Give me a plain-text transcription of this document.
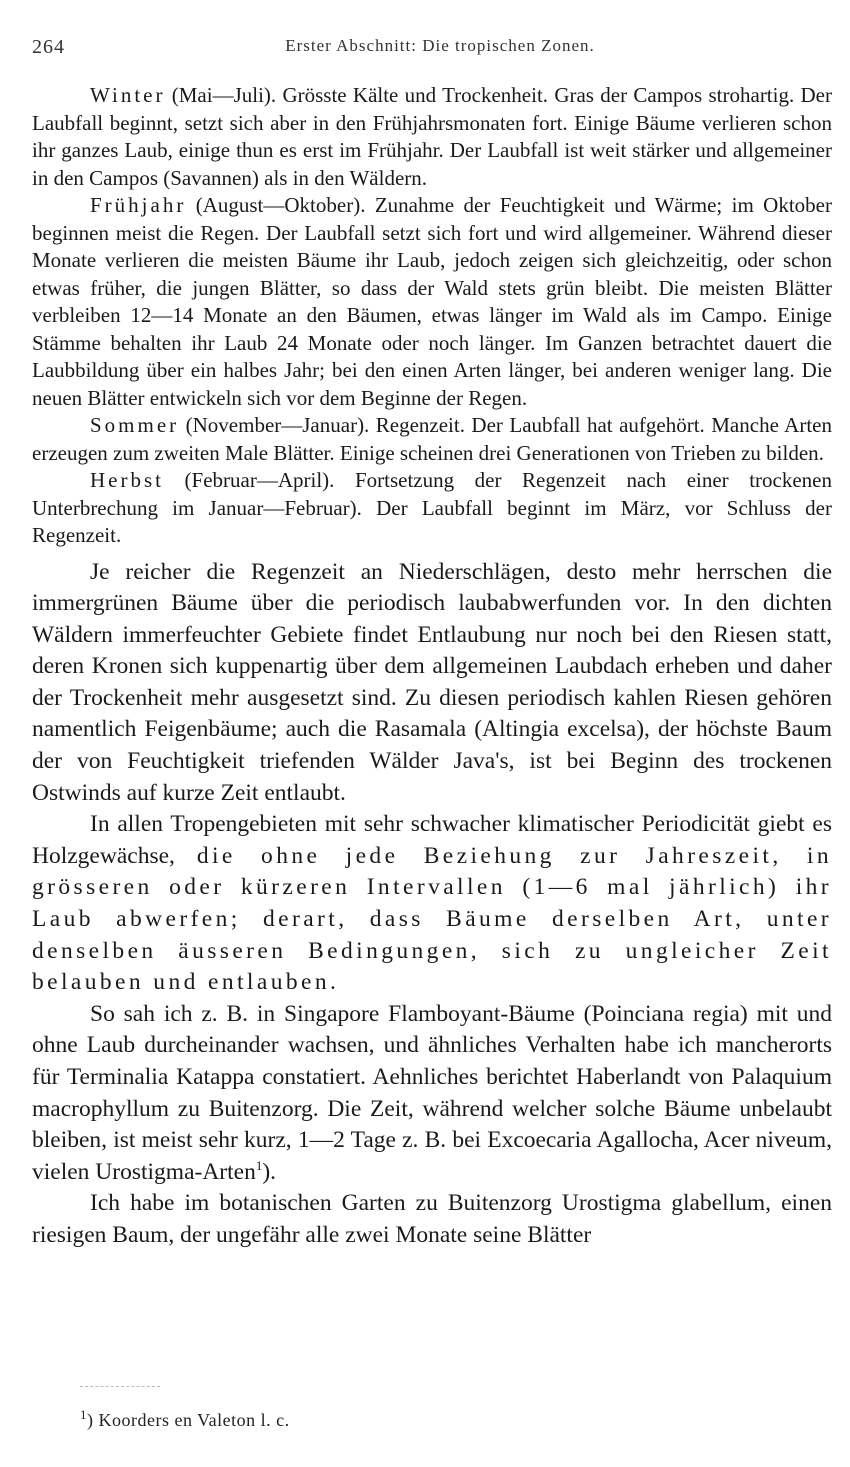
264	Erster Abschnitt: Die tropischen Zonen.

Winter (Mai—Juli). Grösste Kälte und Trockenheit. Gras der Campos strohartig. Der Laubfall beginnt, setzt sich aber in den Frühjahrsmonaten fort. Einige Bäume verlieren schon ihr ganzes Laub, einige thun es erst im Frühjahr. Der Laubfall ist weit stärker und allgemeiner in den Campos (Savannen) als in den Wäldern.

Frühjahr (August—Oktober). Zunahme der Feuchtigkeit und Wärme; im Oktober beginnen meist die Regen. Der Laubfall setzt sich fort und wird allgemeiner. Während dieser Monate verlieren die meisten Bäume ihr Laub, jedoch zeigen sich gleichzeitig, oder schon etwas früher, die jungen Blätter, so dass der Wald stets grün bleibt. Die meisten Blätter verbleiben 12—14 Monate an den Bäumen, etwas länger im Wald als im Campo. Einige Stämme behalten ihr Laub 24 Monate oder noch länger. Im Ganzen betrachtet dauert die Laubbildung über ein halbes Jahr; bei den einen Arten länger, bei anderen weniger lang. Die neuen Blätter entwickeln sich vor dem Beginne der Regen.

Sommer (November—Januar). Regenzeit. Der Laubfall hat aufgehört. Manche Arten erzeugen zum zweiten Male Blätter. Einige scheinen drei Generationen von Trieben zu bilden.

Herbst (Februar—April). Fortsetzung der Regenzeit nach einer trockenen Unterbrechung im Januar—Februar). Der Laubfall beginnt im März, vor Schluss der Regenzeit.

Je reicher die Regenzeit an Niederschlägen, desto mehr herrschen die immergrünen Bäume über die periodisch laubabwerfunden vor. In den dichten Wäldern immerfeuchter Gebiete findet Entlaubung nur noch bei den Riesen statt, deren Kronen sich kuppenartig über dem allgemeinen Laubdach erheben und daher der Trockenheit mehr ausgesetzt sind. Zu diesen periodisch kahlen Riesen gehören namentlich Feigenbäume; auch die Rasamala (Altingia excelsa), der höchste Baum der von Feuchtigkeit triefenden Wälder Java's, ist bei Beginn des trockenen Ostwinds auf kurze Zeit entlaubt.

In allen Tropengebieten mit sehr schwacher klimatischer Periodicität giebt es Holzgewächse, die ohne jede Beziehung zur Jahreszeit, in grösseren oder kürzeren Intervallen (1—6 mal jährlich) ihr Laub abwerfen; derart, dass Bäume derselben Art, unter denselben äusseren Bedingungen, sich zu ungleicher Zeit belauben und entlauben.

So sah ich z. B. in Singapore Flamboyant-Bäume (Poinciana regia) mit und ohne Laub durcheinander wachsen, und ähnliches Verhalten habe ich mancherorts für Terminalia Katappa constatiert. Aehnliches berichtet Haberlandt von Palaquium macrophyllum zu Buitenzorg. Die Zeit, während welcher solche Bäume unbelaubt bleiben, ist meist sehr kurz, 1—2 Tage z. B. bei Excoecaria Agallocha, Acer niveum, vielen Urostigma-Arten$^1$).

Ich habe im botanischen Garten zu Buitenzorg Urostigma glabellum, einen riesigen Baum, der ungefähr alle zwei Monate seine Blätter

$^1$) Koorders en Valeton l. c.
